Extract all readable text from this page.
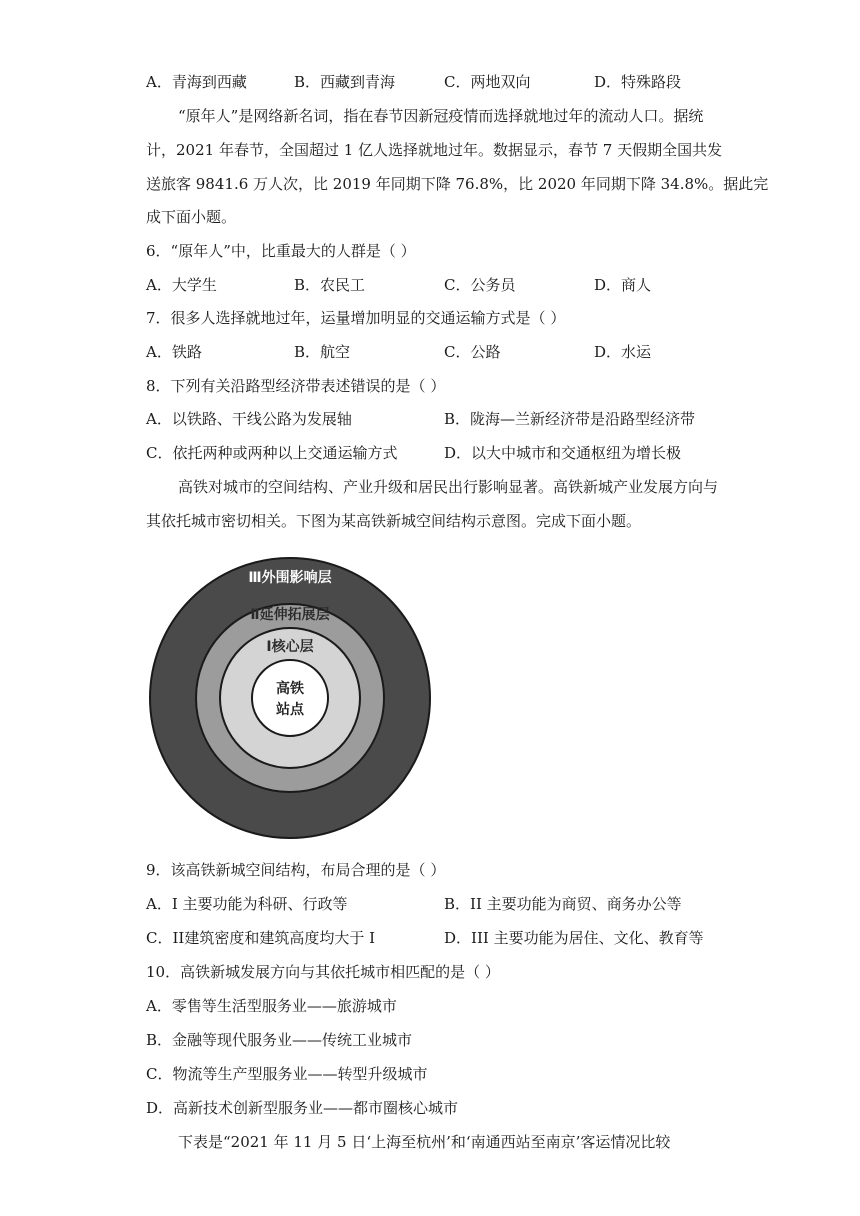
A．青海到西藏	B．西藏到青海	C．两地双向	D．特殊路段
“原年人”是网络新名词，指在春节因新冠疫情而选择就地过年的流动人口。据统
计，2021 年春节，全国超过 1 亿人选择就地过年。数据显示，春节 7 天假期全国共发
送旅客 9841.6 万人次，比 2019 年同期下降 76.8%，比 2020 年同期下降 34.8%。据此完
成下面小题。
6．“原年人”中，比重最大的人群是（ ）
A．大学生	B．农民工	C．公务员	D．商人
7．很多人选择就地过年，运量增加明显的交通运输方式是（ ）
A．铁路	B．航空	C．公路	D．水运
8．下列有关沿路型经济带表述错误的是（ ）
A．以铁路、干线公路为发展轴	B．陇海—兰新经济带是沿路型经济带
C．依托两种或两种以上交通运输方式	D．以大中城市和交通枢纽为增长极
高铁对城市的空间结构、产业升级和居民出行影响显著。高铁新城产业发展方向与
其依托城市密切相关。下图为某高铁新城空间结构示意图。完成下面小题。
Ⅲ外围影响层
Ⅱ延伸拓展层
Ⅰ核心层
高铁
站点
9．该高铁新城空间结构，布局合理的是（ ）
A．I 主要功能为科研、行政等	B．II 主要功能为商贸、商务办公等
C．II建筑密度和建筑高度均大于 I	D．III 主要功能为居住、文化、教育等
10．高铁新城发展方向与其依托城市相匹配的是（ ）
A．零售等生活型服务业——旅游城市
B．金融等现代服务业——传统工业城市
C．物流等生产型服务业——转型升级城市
D．高新技术创新型服务业——都市圈核心城市
下表是“2021 年 11 月 5 日‘上海至杭州’和‘南通西站至南京’客运情况比较
